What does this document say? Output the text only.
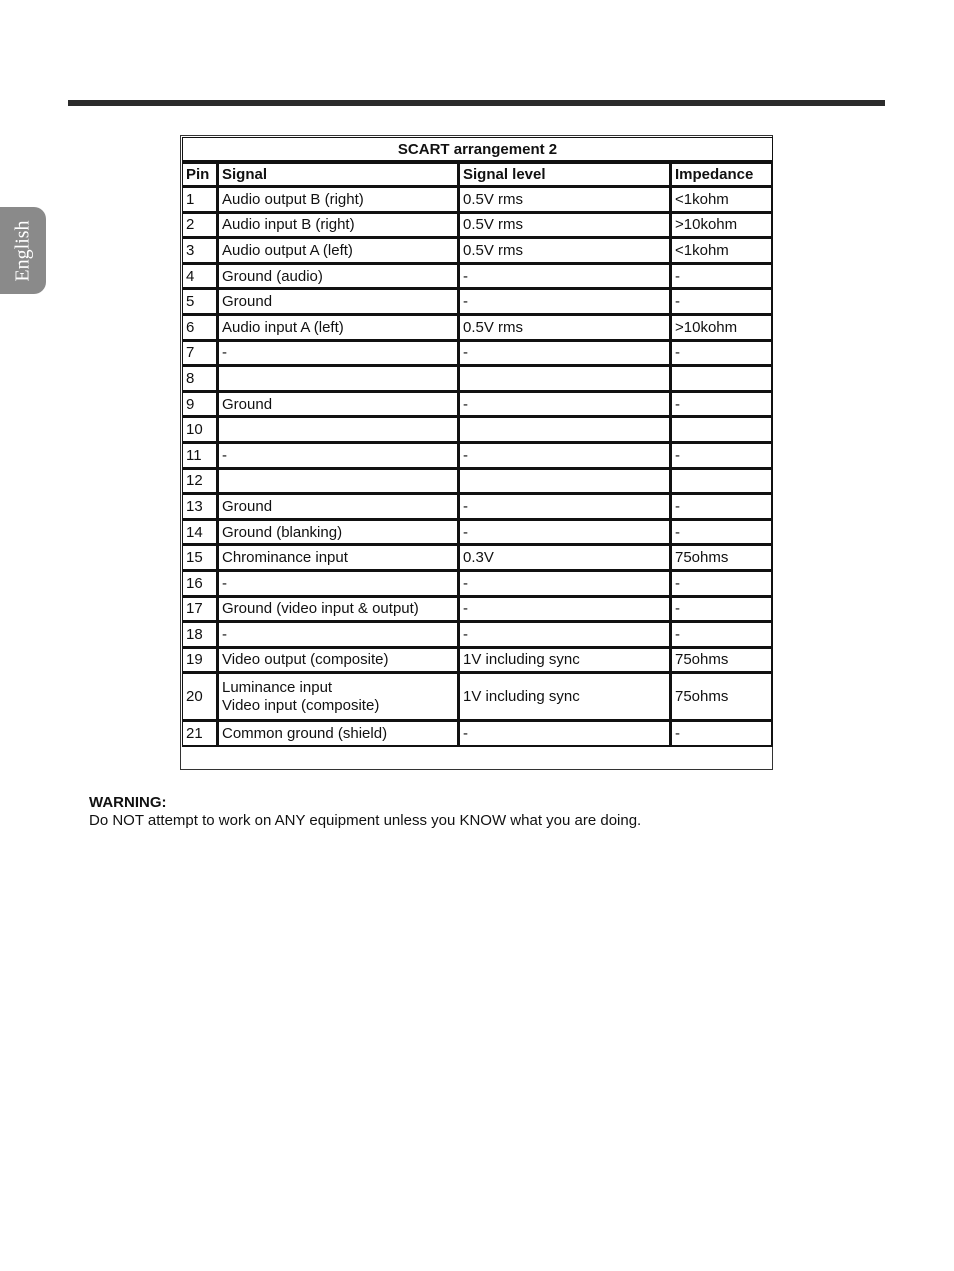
English
SCART arrangement 2			
Pin	Signal	Signal level	Impedance
1	Audio output B (right)	0.5V rms	<1kohm
2	Audio input B (right)	0.5V rms	>10kohm
3	Audio output A (left)	0.5V rms	<1kohm
4	Ground (audio)	-	-
5	Ground	-	-
6	Audio input A (left)	0.5V rms	>10kohm
7	-	-	-
8			
9	Ground	-	-
10			
11	-	-	-
12			
13	Ground	-	-
14	Ground (blanking)	-	-
15	Chrominance input	0.3V	75ohms
16	-	-	-
17	Ground (video input & output)	-	-
18	-	-	-
19	Video output (composite)	1V including sync	75ohms
20	Luminance input
Video input (composite)	1V including sync	75ohms
21	Common ground (shield)	-	-
WARNING:
Do NOT attempt to work on ANY equipment unless you KNOW what you are doing.
